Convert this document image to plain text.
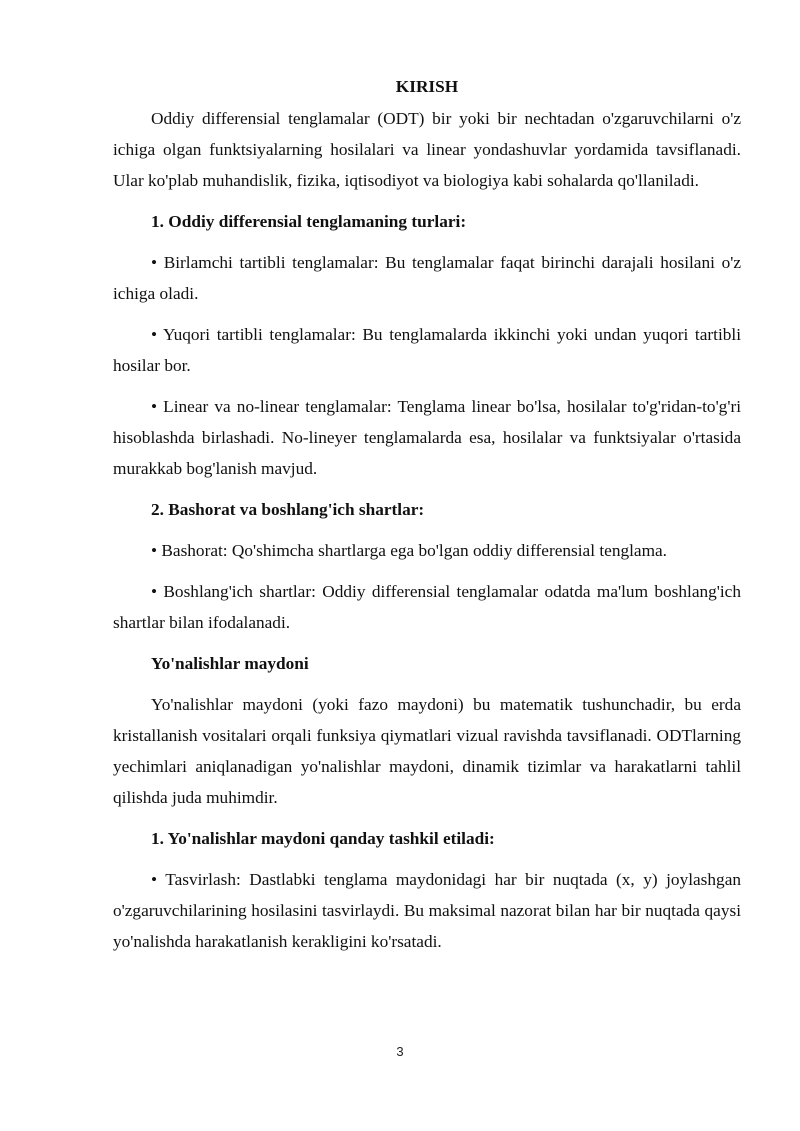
KIRISH

Oddiy differensial tenglamalar (ODT) bir yoki bir nechtadan o'zgaruvchilarni o'z ichiga olgan funktsiyalarning hosilalari va linear yondashuvlar yordamida tavsiflanadi. Ular ko'plab muhandislik, fizika, iqtisodiyot va biologiya kabi sohalarda qo'llaniladi.

1. Oddiy differensial tenglamaning turlari:

• Birlamchi tartibli tenglamalar: Bu tenglamalar faqat birinchi darajali hosilani o'z ichiga oladi.

• Yuqori tartibli tenglamalar: Bu tenglamalarda ikkinchi yoki undan yuqori tartibli hosilar bor.

• Linear va no-linear tenglamalar: Tenglama linear bo'lsa, hosilalar to'g'ridan-to'g'ri hisoblashda birlashadi. No-lineyer tenglamalarda esa, hosilalar va funktsiyalar o'rtasida murakkab bog'lanish mavjud.

2. Bashorat va boshlang'ich shartlar:

• Bashorat: Qo'shimcha shartlarga ega bo'lgan oddiy differensial tenglama.

• Boshlang'ich shartlar: Oddiy differensial tenglamalar odatda ma'lum boshlang'ich shartlar bilan ifodalanadi.

Yo'nalishlar maydoni

Yo'nalishlar maydoni (yoki fazo maydoni) bu matematik tushunchadir, bu erda kristallanish vositalari orqali funksiya qiymatlari vizual ravishda tavsiflanadi. ODTlarning yechimlari aniqlanadigan yo'nalishlar maydoni, dinamik tizimlar va harakatlarni tahlil qilishda juda muhimdir.

1. Yo'nalishlar maydoni qanday tashkil etiladi:

• Tasvirlash: Dastlabki tenglama maydonidagi har bir nuqtada (x, y) joylashgan o'zgaruvchilarining hosilasini tasvirlaydi. Bu maksimal nazorat bilan har bir nuqtada qaysi yo'nalishda harakatlanish kerakligini ko'rsatadi.

3
